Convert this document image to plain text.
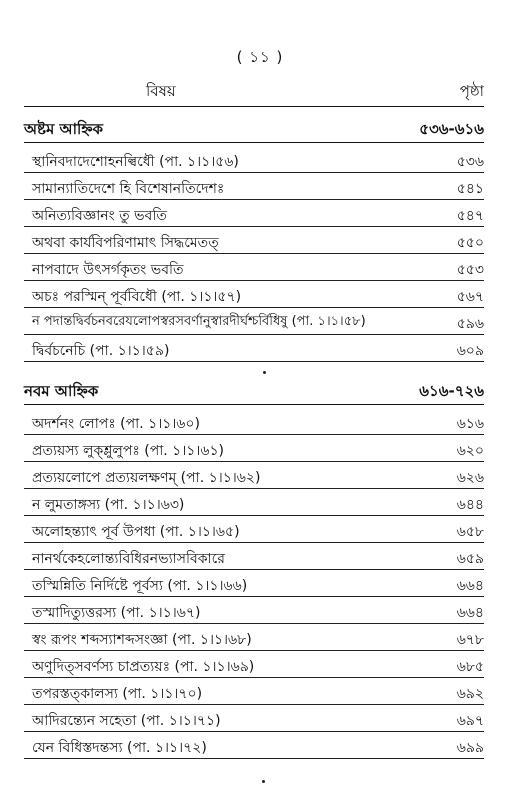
( ১১ )
বিষয়	পৃষ্ঠা
অষ্টম আহ্নিক	৫৩৬-৬১৬
স্থানিবদাদেশোহনল্বিধৌ (পা. ১।১।৫৬)	৫৩৬
সামান্যাতিদেশে হি বিশেষানতিদেশঃ	৫৪১
অনিত্যবিজ্ঞানং তু ভবতি	৫৪৭
অথবা কার্যবিপরিণামাৎ সিদ্ধমেতত্	৫৫০
নাপবাদে উৎসর্গকৃতং ভবতি	৫৫৩
অচঃ পরস্মিন্ পূর্ববিধৌ (পা. ১।১।৫৭)	৫৬৭
ন পদান্তদ্বির্বচনবরেযলোপস্বরসবর্ণানুস্বারদীর্ঘশ্চর্বিধিষু (পা. ১।১।৫৮)	৫৯৬
দ্বির্বচনেচি (পা. ১।১।৫৯)	৬০৯
নবম আহ্নিক	৬১৬-৭২৬
অদর্শনং লোপঃ (পা. ১।১।৬০)	৬১৬
প্রত্যয়স্য লুক্শ্লুলুপঃ (পা. ১।১।৬১)	৬২০
প্রত্যয়লোপে প্রত্যয়লক্ষণম্ (পা. ১।১।৬২)	৬২৬
ন লুমতাঙ্গস্য (পা. ১।১।৬৩)	৬৪৪
অলোহন্ত্যাৎ পূর্ব উপধা (পা. ১।১।৬৫)	৬৫৮
নানর্থকেহলোন্ত্যবিধিরনভ্যাসবিকারে	৬৫৯
তস্মিন্নিতি নির্দিষ্টে পূর্বস্য (পা. ১।১।৬৬)	৬৬৪
তস্মাদিত্যুত্তরস্য (পা. ১।১।৬৭)	৬৬৪
স্বং রূপং শব্দস্যাশব্দসংজ্ঞা (পা. ১।১।৬৮)	৬৭৮
অণুদিত্সবর্ণস্য চাপ্রত্যয়ঃ (পা. ১।১।৬৯)	৬৮৫
তপরস্তত্কালস্য (পা. ১।১।৭০)	৬৯২
আদিরন্ত্যেন সহেতা (পা. ১।১।৭১)	৬৯৭
যেন বিধিস্তদন্তস্য (পা. ১।১।৭২)	৬৯৯
